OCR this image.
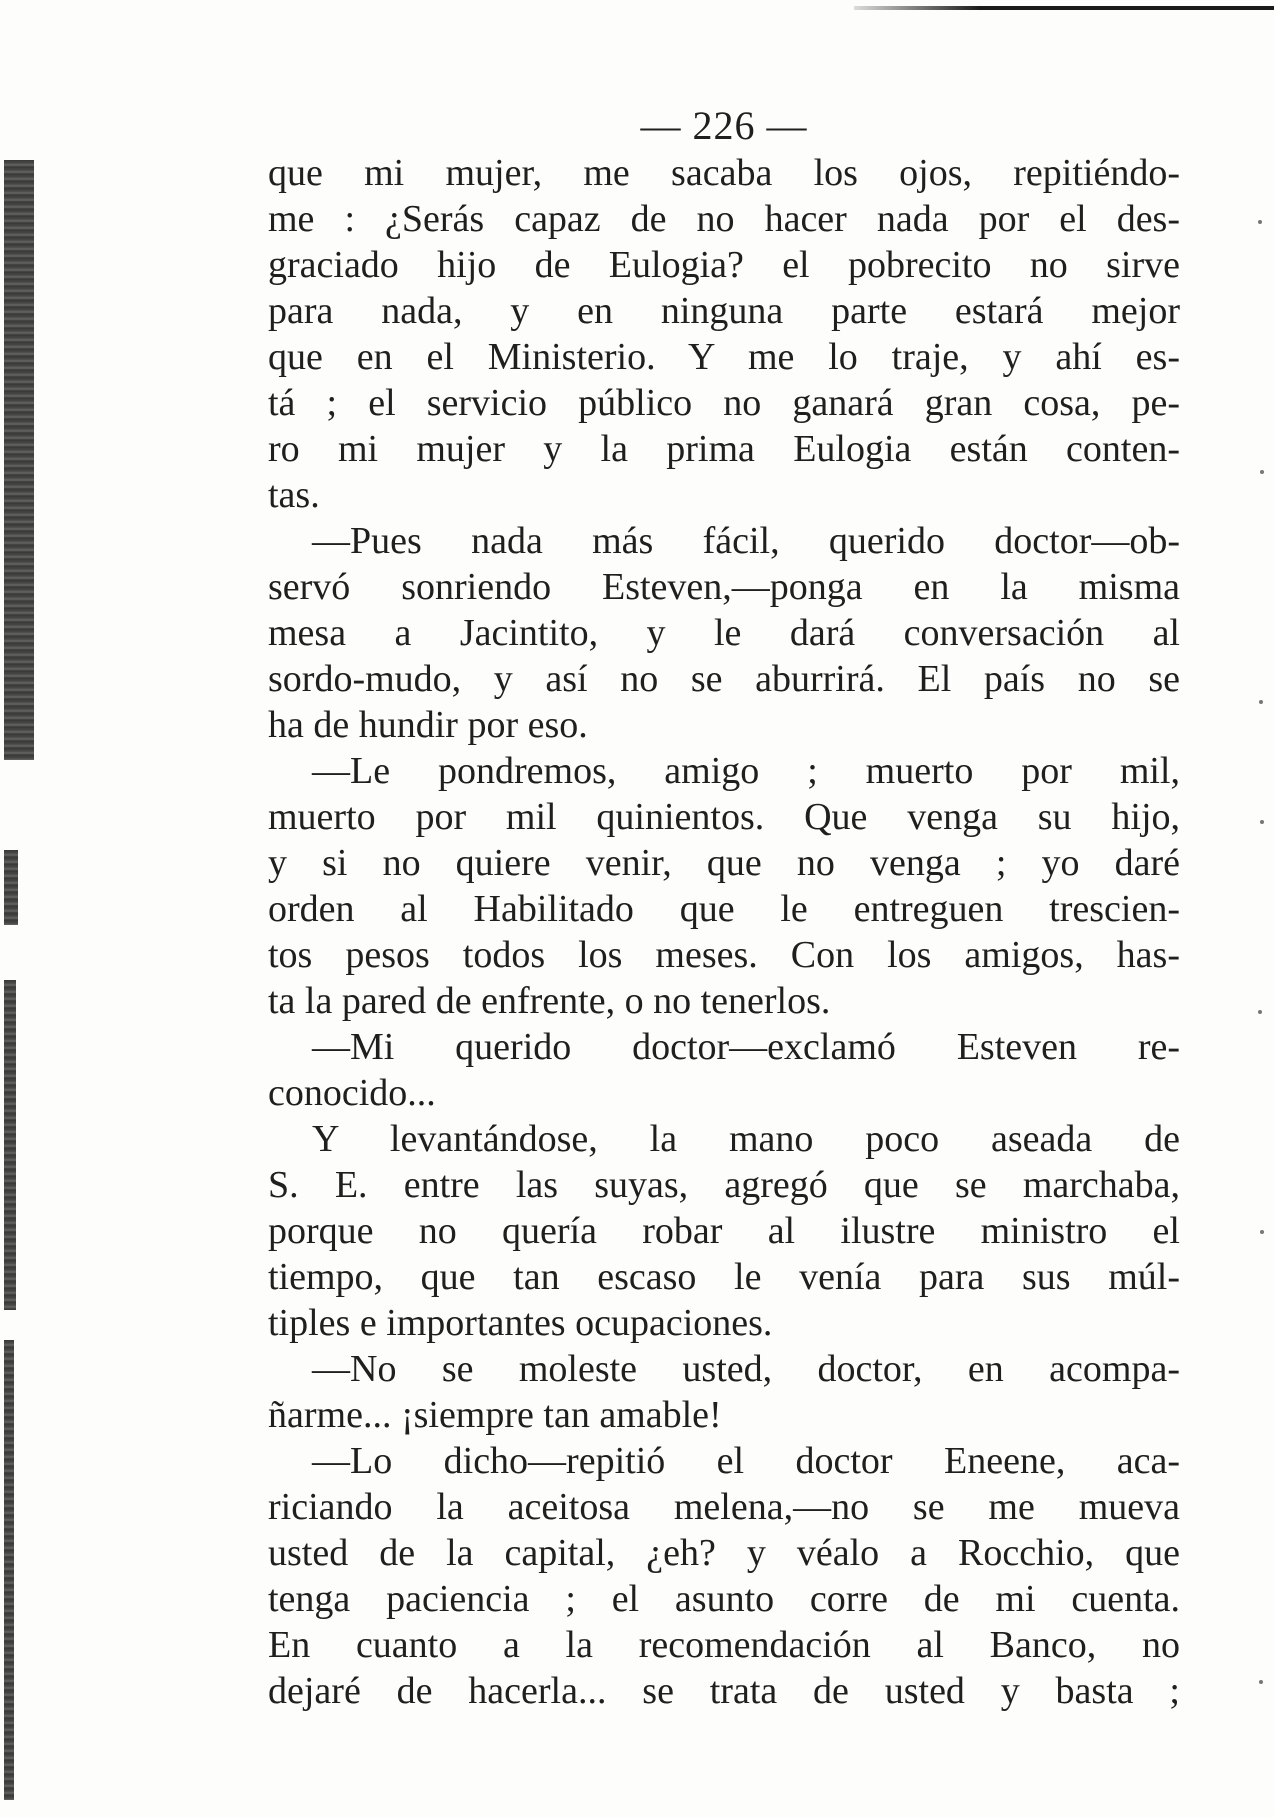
— 226 —
que mi mujer, me sacaba los ojos, repitiéndo-
me : ¿Serás capaz de no hacer nada por el des-
graciado hijo de Eulogia? el pobrecito no sirve
para nada, y en ninguna parte estará mejor
que en el Ministerio. Y me lo traje, y ahí es-
tá ; el servicio público no ganará gran cosa, pe-
ro mi mujer y la prima Eulogia están conten-
tas.
—Pues nada más fácil, querido doctor—ob-
servó sonriendo Esteven,—ponga en la misma
mesa a Jacintito, y le dará conversación al
sordo-mudo, y así no se aburrirá. El país no se
ha de hundir por eso.
—Le pondremos, amigo ; muerto por mil,
muerto por mil quinientos. Que venga su hijo,
y si no quiere venir, que no venga ; yo daré
orden al Habilitado que le entreguen trescien-
tos pesos todos los meses. Con los amigos, has-
ta la pared de enfrente, o no tenerlos.
—Mi querido doctor—exclamó Esteven re-
conocido...
Y levantándose, la mano poco aseada de
S. E. entre las suyas, agregó que se marchaba,
porque no quería robar al ilustre ministro el
tiempo, que tan escaso le venía para sus múl-
tiples e importantes ocupaciones.
—No se moleste usted, doctor, en acompa-
ñarme... ¡siempre tan amable!
—Lo dicho—repitió el doctor Eneene, aca-
riciando la aceitosa melena,—no se me mueva
usted de la capital, ¿eh? y véalo a Rocchio, que
tenga paciencia ; el asunto corre de mi cuenta.
En cuanto a la recomendación al Banco, no
dejaré de hacerla... se trata de usted y basta ;
